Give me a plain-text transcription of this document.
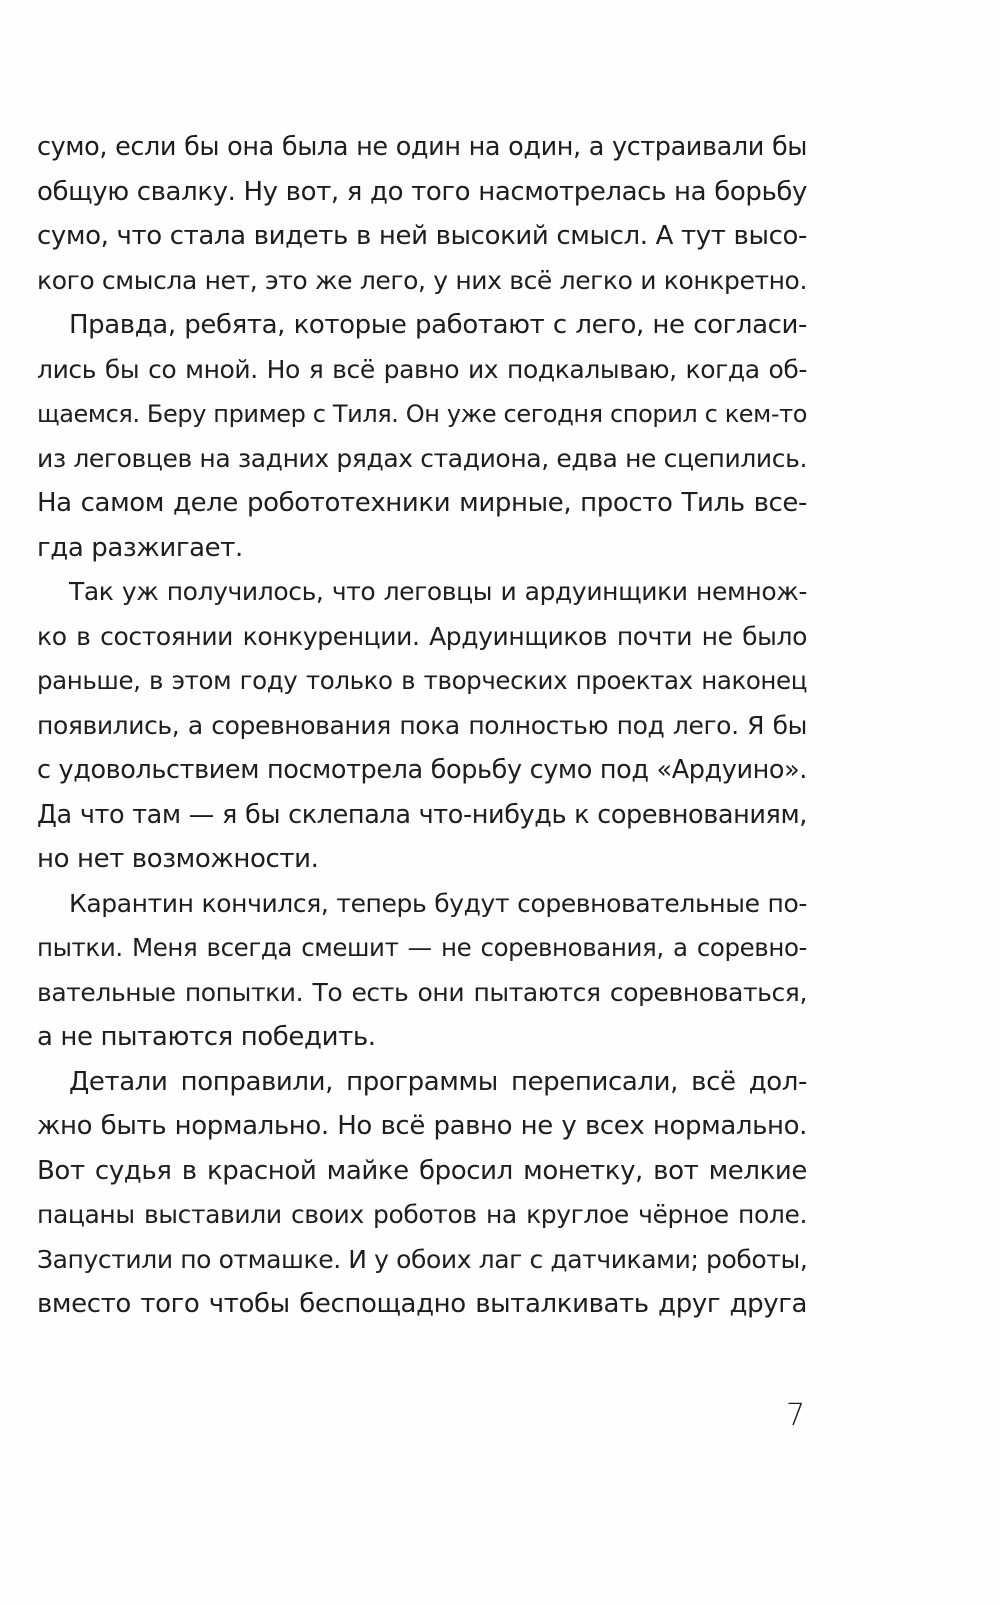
сумо, если бы она была не один на один, а устраивали бы
общую свалку. Ну вот, я до того насмотрелась на борьбу
сумо, что стала видеть в ней высокий смысл. А тут высо-
кого смысла нет, это же лего, у них всё легко и конкретно.
Правда, ребята, которые работают с лего, не согласи-
лись бы со мной. Но я всё равно их подкалываю, когда об-
щаемся. Беру пример с Тиля. Он уже сегодня спорил с кем-то
из леговцев на задних рядах стадиона, едва не сцепились.
На самом деле робототехники мирные, просто Тиль все-
гда разжигает.
Так уж получилось, что леговцы и ардуинщики немнож-
ко в состоянии конкуренции. Ардуинщиков почти не было
раньше, в этом году только в творческих проектах наконец
появились, а соревнования пока полностью под лего. Я бы
с удовольствием посмотрела борьбу сумо под «Ардуино».
Да что там — я бы склепала что-нибудь к соревнованиям,
но нет возможности.
Карантин кончился, теперь будут соревновательные по-
пытки. Меня всегда смешит — не соревнования, а соревно-
вательные попытки. То есть они пытаются соревноваться,
а не пытаются победить.
Детали поправили, программы переписали, всё дол-
жно быть нормально. Но всё равно не у всех нормально.
Вот судья в красной майке бросил монетку, вот мелкие
пацаны выставили своих роботов на круглое чёрное поле.
Запустили по отмашке. И у обоих лаг с датчиками; роботы,
вместо того чтобы беспощадно выталкивать друг друга
7
